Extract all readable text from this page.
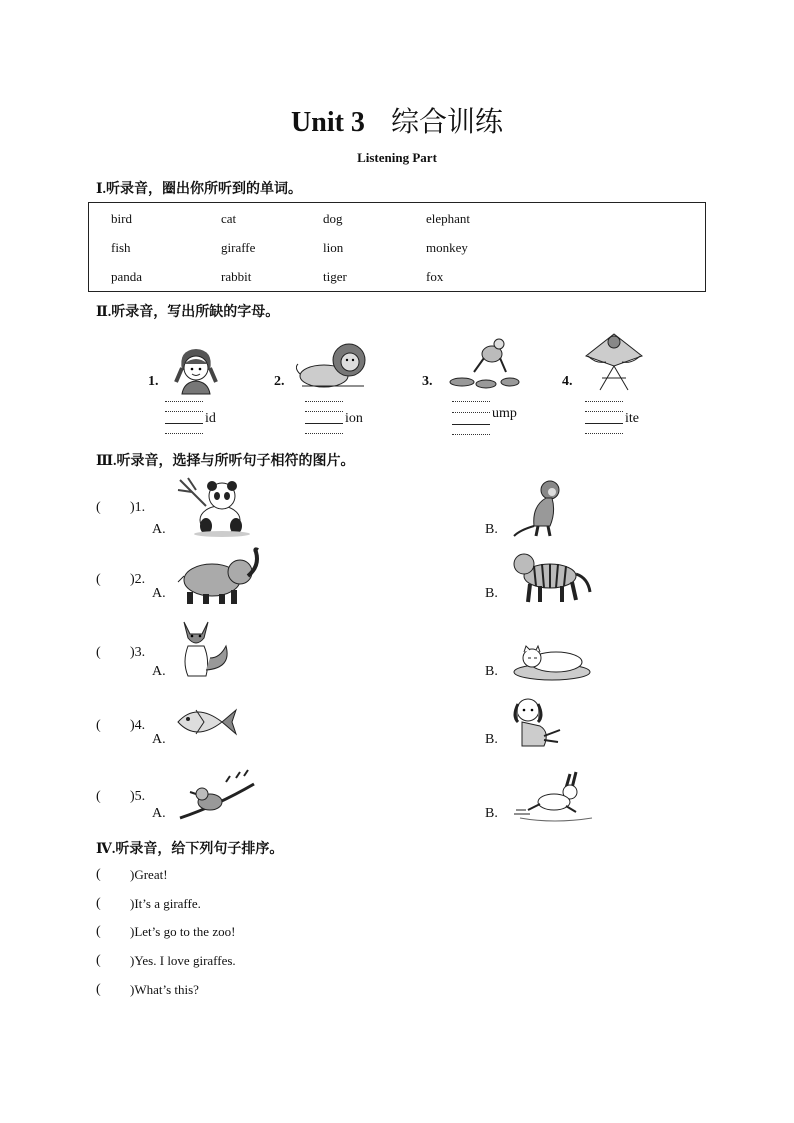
Unit 3 综合训练
Listening Part
Ⅰ.听录音，圈出你所听到的单词。
bird	cat	dog	elephant
fish	giraffe	lion	monkey
panda	rabbit	tiger	fox
Ⅱ.听录音，写出所缺的字母。
1.
id
2.
ion
3.
ump
4.
ite
Ⅲ.听录音，选择与所听句子相符的图片。
( )1.
A.	B.
( )2.
A.	B.
( )3.
A.	B.
( )4.
A.	B.
( )5.
A.	B.
Ⅳ.听录音，给下列句子排序。
( )Great!
( )It’s a giraffe.
( )Let’s go to the zoo!
( )Yes. I love giraffes.
( )What’s this?
